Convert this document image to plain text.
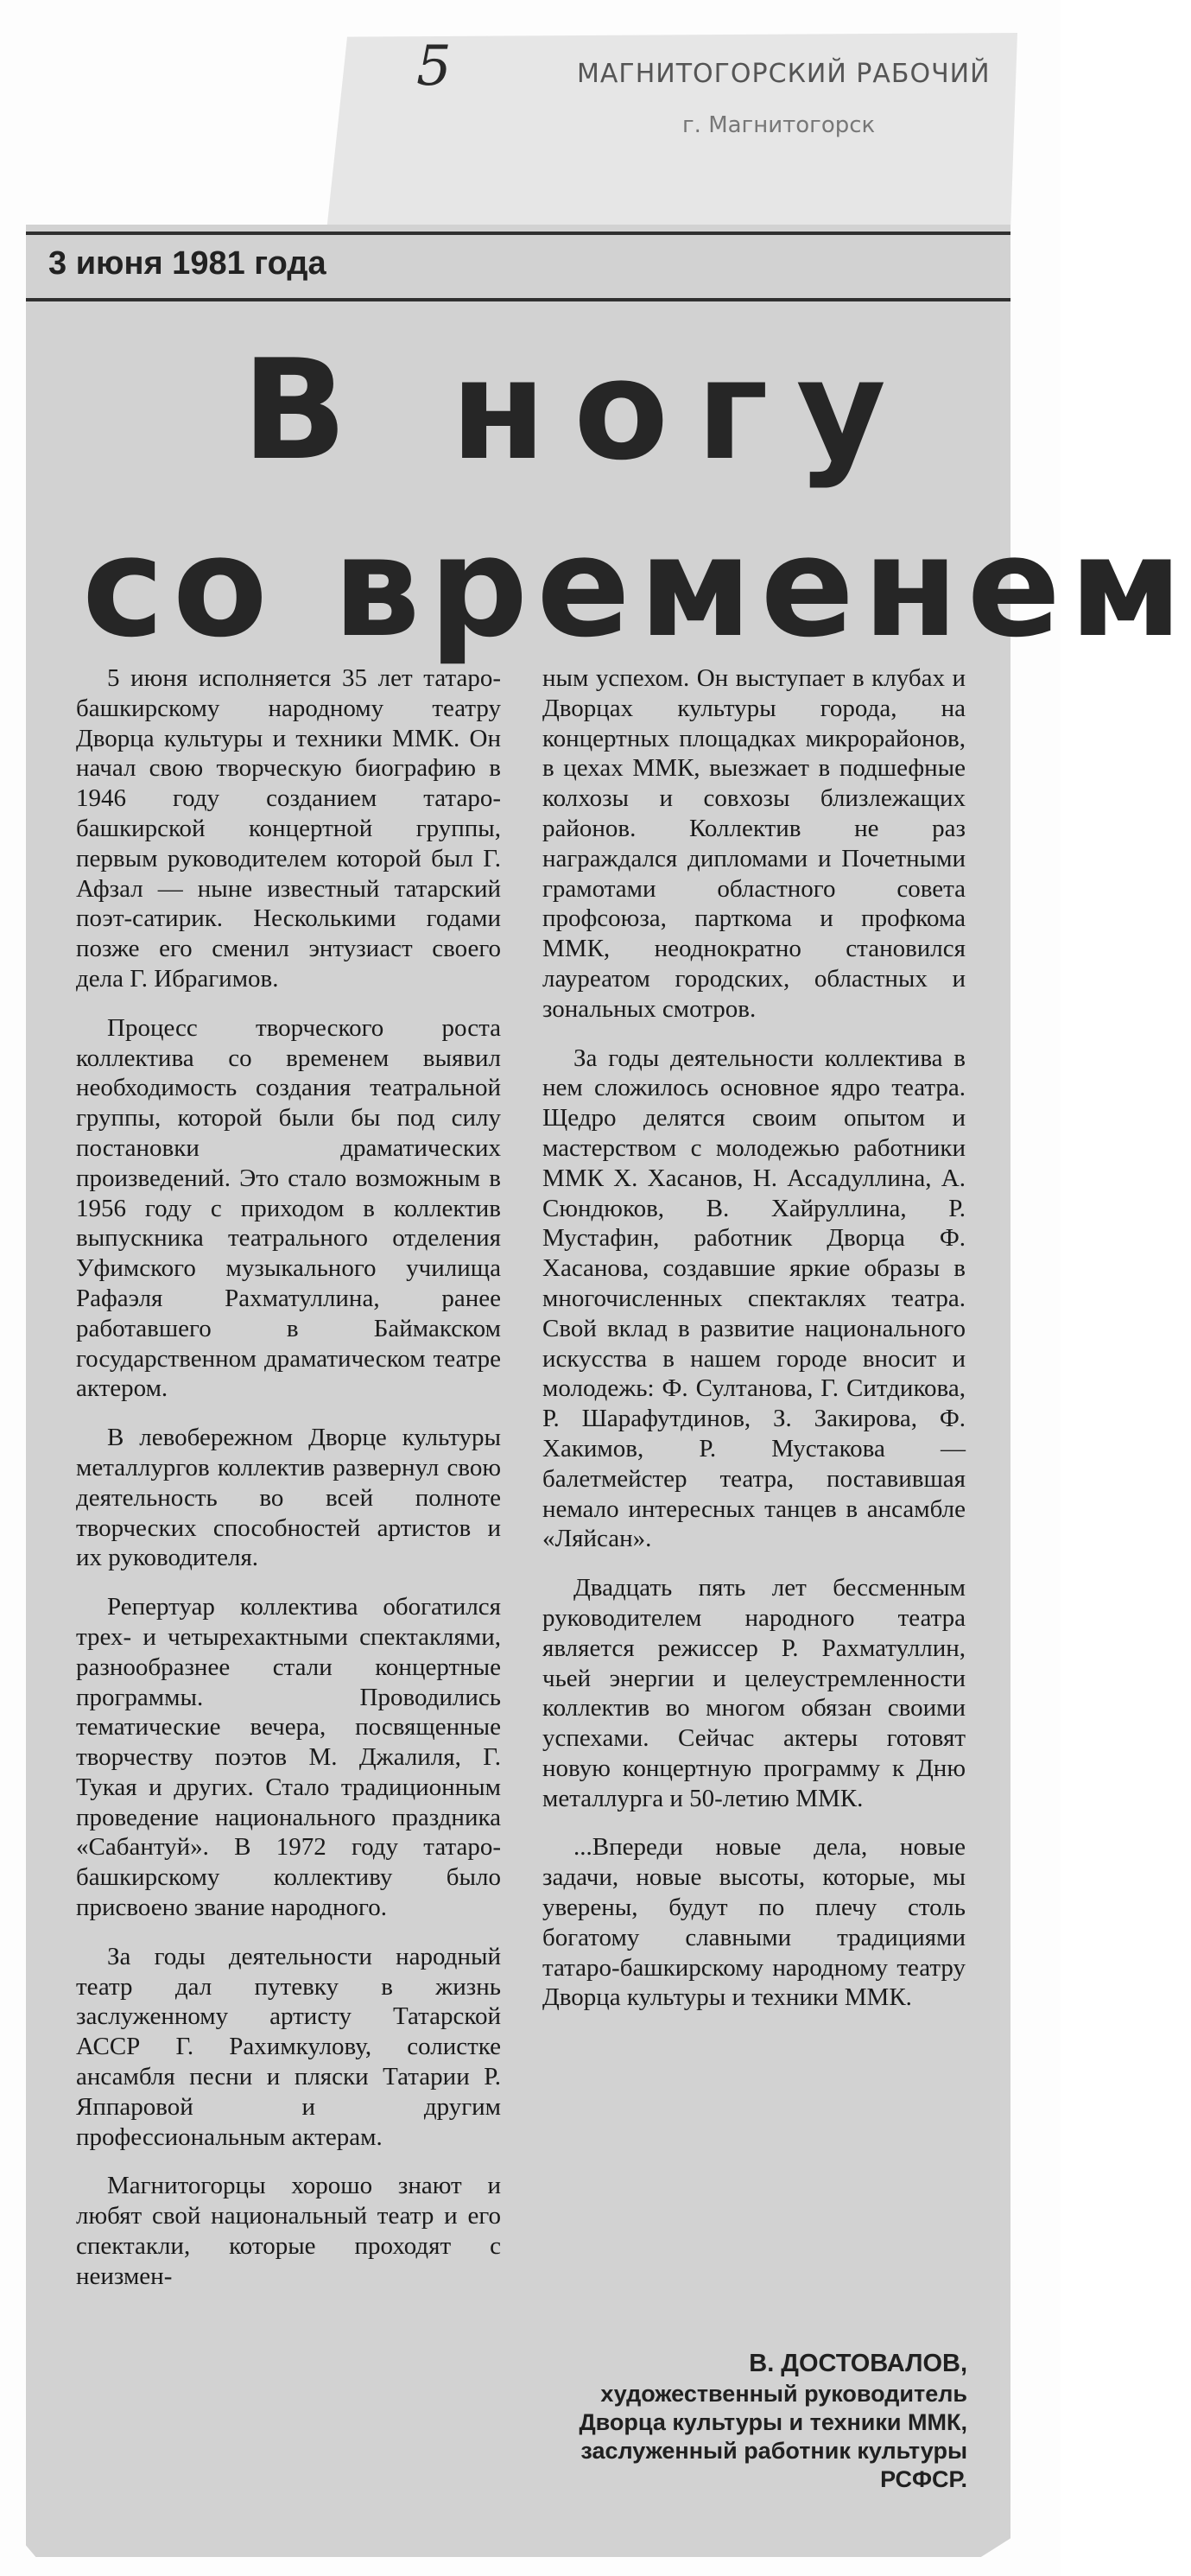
5	МАГНИТОГОРСКИЙ РАБОЧИЙ
г. Магнитогорск
3 июня 1981 года
В ногу
со временем

5 июня исполняется 35 лет татаро-башкирскому народному театру Дворца культуры и техники ММК. Он начал свою творческую биографию в 1946 году созданием татаро-башкирской концертной группы, первым руководителем которой был Г. Афзал — ныне известный татарский поэт-сатирик. Несколькими годами позже его сменил энтузиаст своего дела Г. Ибрагимов.

Процесс творческого роста коллектива со временем выявил необходимость создания театральной группы, которой были бы под силу постановки драматических произведений. Это стало возможным в 1956 году с приходом в коллектив выпускника театрального отделения Уфимского музыкального училища Рафаэля Рахматуллина, ранее работавшего в Баймакском государственном драматическом театре актером.

В левобережном Дворце культуры металлургов коллектив развернул свою деятельность во всей полноте творческих способностей артистов и их руководителя.

Репертуар коллектива обогатился трех- и четырехактными спектаклями, разнообразнее стали концертные программы. Проводились тематические вечера, посвященные творчеству поэтов М. Джалиля, Г. Тукая и других. Стало традиционным проведение национального праздника «Сабантуй». В 1972 году татаро-башкирскому коллективу было присвоено звание народного.

За годы деятельности народный театр дал путевку в жизнь заслуженному артисту Татарской АССР Г. Рахимкулову, солистке ансамбля песни и пляски Татарии Р. Яппаровой и другим профессиональным актерам.

Магнитогорцы хорошо знают и любят свой национальный театр и его спектакли, которые проходят с неизмен-

ным успехом. Он выступает в клубах и Дворцах культуры города, на концертных площадках микрорайонов, в цехах ММК, выезжает в подшефные колхозы и совхозы близлежащих районов. Коллектив не раз награждался дипломами и Почетными грамотами областного совета профсоюза, парткома и профкома ММК, неоднократно становился лауреатом городских, областных и зональных смотров.

За годы деятельности коллектива в нем сложилось основное ядро театра. Щедро делятся своим опытом и мастерством с молодежью работники ММК Х. Хасанов, Н. Ассадуллина, А. Сюндюков, В. Хайруллина, Р. Мустафин, работник Дворца Ф. Хасанова, создавшие яркие образы в многочисленных спектаклях театра. Свой вклад в развитие национального искусства в нашем городе вносит и молодежь: Ф. Султанова, Г. Ситдикова, Р. Шарафутдинов, З. Закирова, Ф. Хакимов, Р. Мустакова — балетмейстер театра, поставившая немало интересных танцев в ансамбле «Ляйсан».

Двадцать пять лет бессменным руководителем народного театра является режиссер Р. Рахматуллин, чьей энергии и целеустремленности коллектив во многом обязан своими успехами. Сейчас актеры готовят новую концертную программу к Дню металлурга и 50-летию ММК.

...Впереди новые дела, новые задачи, новые высоты, которые, мы уверены, будут по плечу столь богатому славными традициями татаро-башкирскому народному театру Дворца культуры и техники ММК.

В. ДОСТОВАЛОВ,
художественный руководитель Дворца культуры и техники ММК, заслуженный работник культуры РСФСР.
